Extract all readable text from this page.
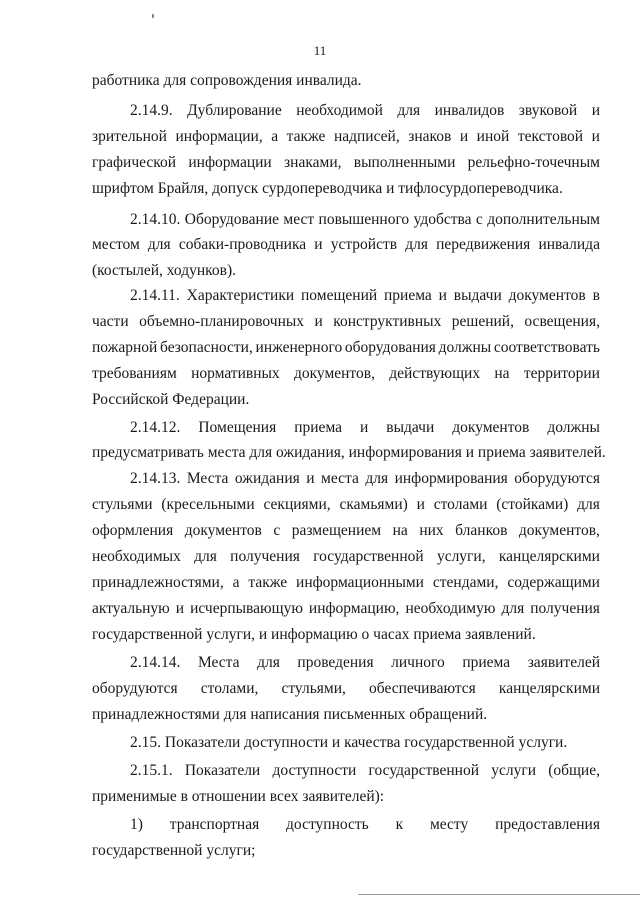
11
работника для сопровождения инвалида.
2.14.9. Дублирование необходимой для инвалидов звуковой и
зрительной информации, а также надписей, знаков и иной текстовой и
графической информации знаками, выполненными рельефно-точечным
шрифтом Брайля, допуск сурдопереводчика и тифлосурдопереводчика.
2.14.10. Оборудование мест повышенного удобства с дополнительным
местом для собаки-проводника и устройств для передвижения инвалида
(костылей, ходунков).
2.14.11. Характеристики помещений приема и выдачи документов в
части объемно-планировочных и конструктивных решений, освещения,
пожарной безопасности, инженерного оборудования должны соответствовать
требованиям нормативных документов, действующих на территории
Российской Федерации.
2.14.12. Помещения приема и выдачи документов должны
предусматривать места для ожидания, информирования и приема заявителей.
2.14.13. Места ожидания и места для информирования оборудуются
стульями (кресельными секциями, скамьями) и столами (стойками) для
оформления документов с размещением на них бланков документов,
необходимых для получения государственной услуги, канцелярскими
принадлежностями, а также информационными стендами, содержащими
актуальную и исчерпывающую информацию, необходимую для получения
государственной услуги, и информацию о часах приема заявлений.
2.14.14. Места для проведения личного приема заявителей
оборудуются столами, стульями, обеспечиваются канцелярскими
принадлежностями для написания письменных обращений.
2.15. Показатели доступности и качества государственной услуги.
2.15.1. Показатели доступности государственной услуги (общие,
применимые в отношении всех заявителей):
1) транспортная доступность к месту предоставления
государственной услуги;
